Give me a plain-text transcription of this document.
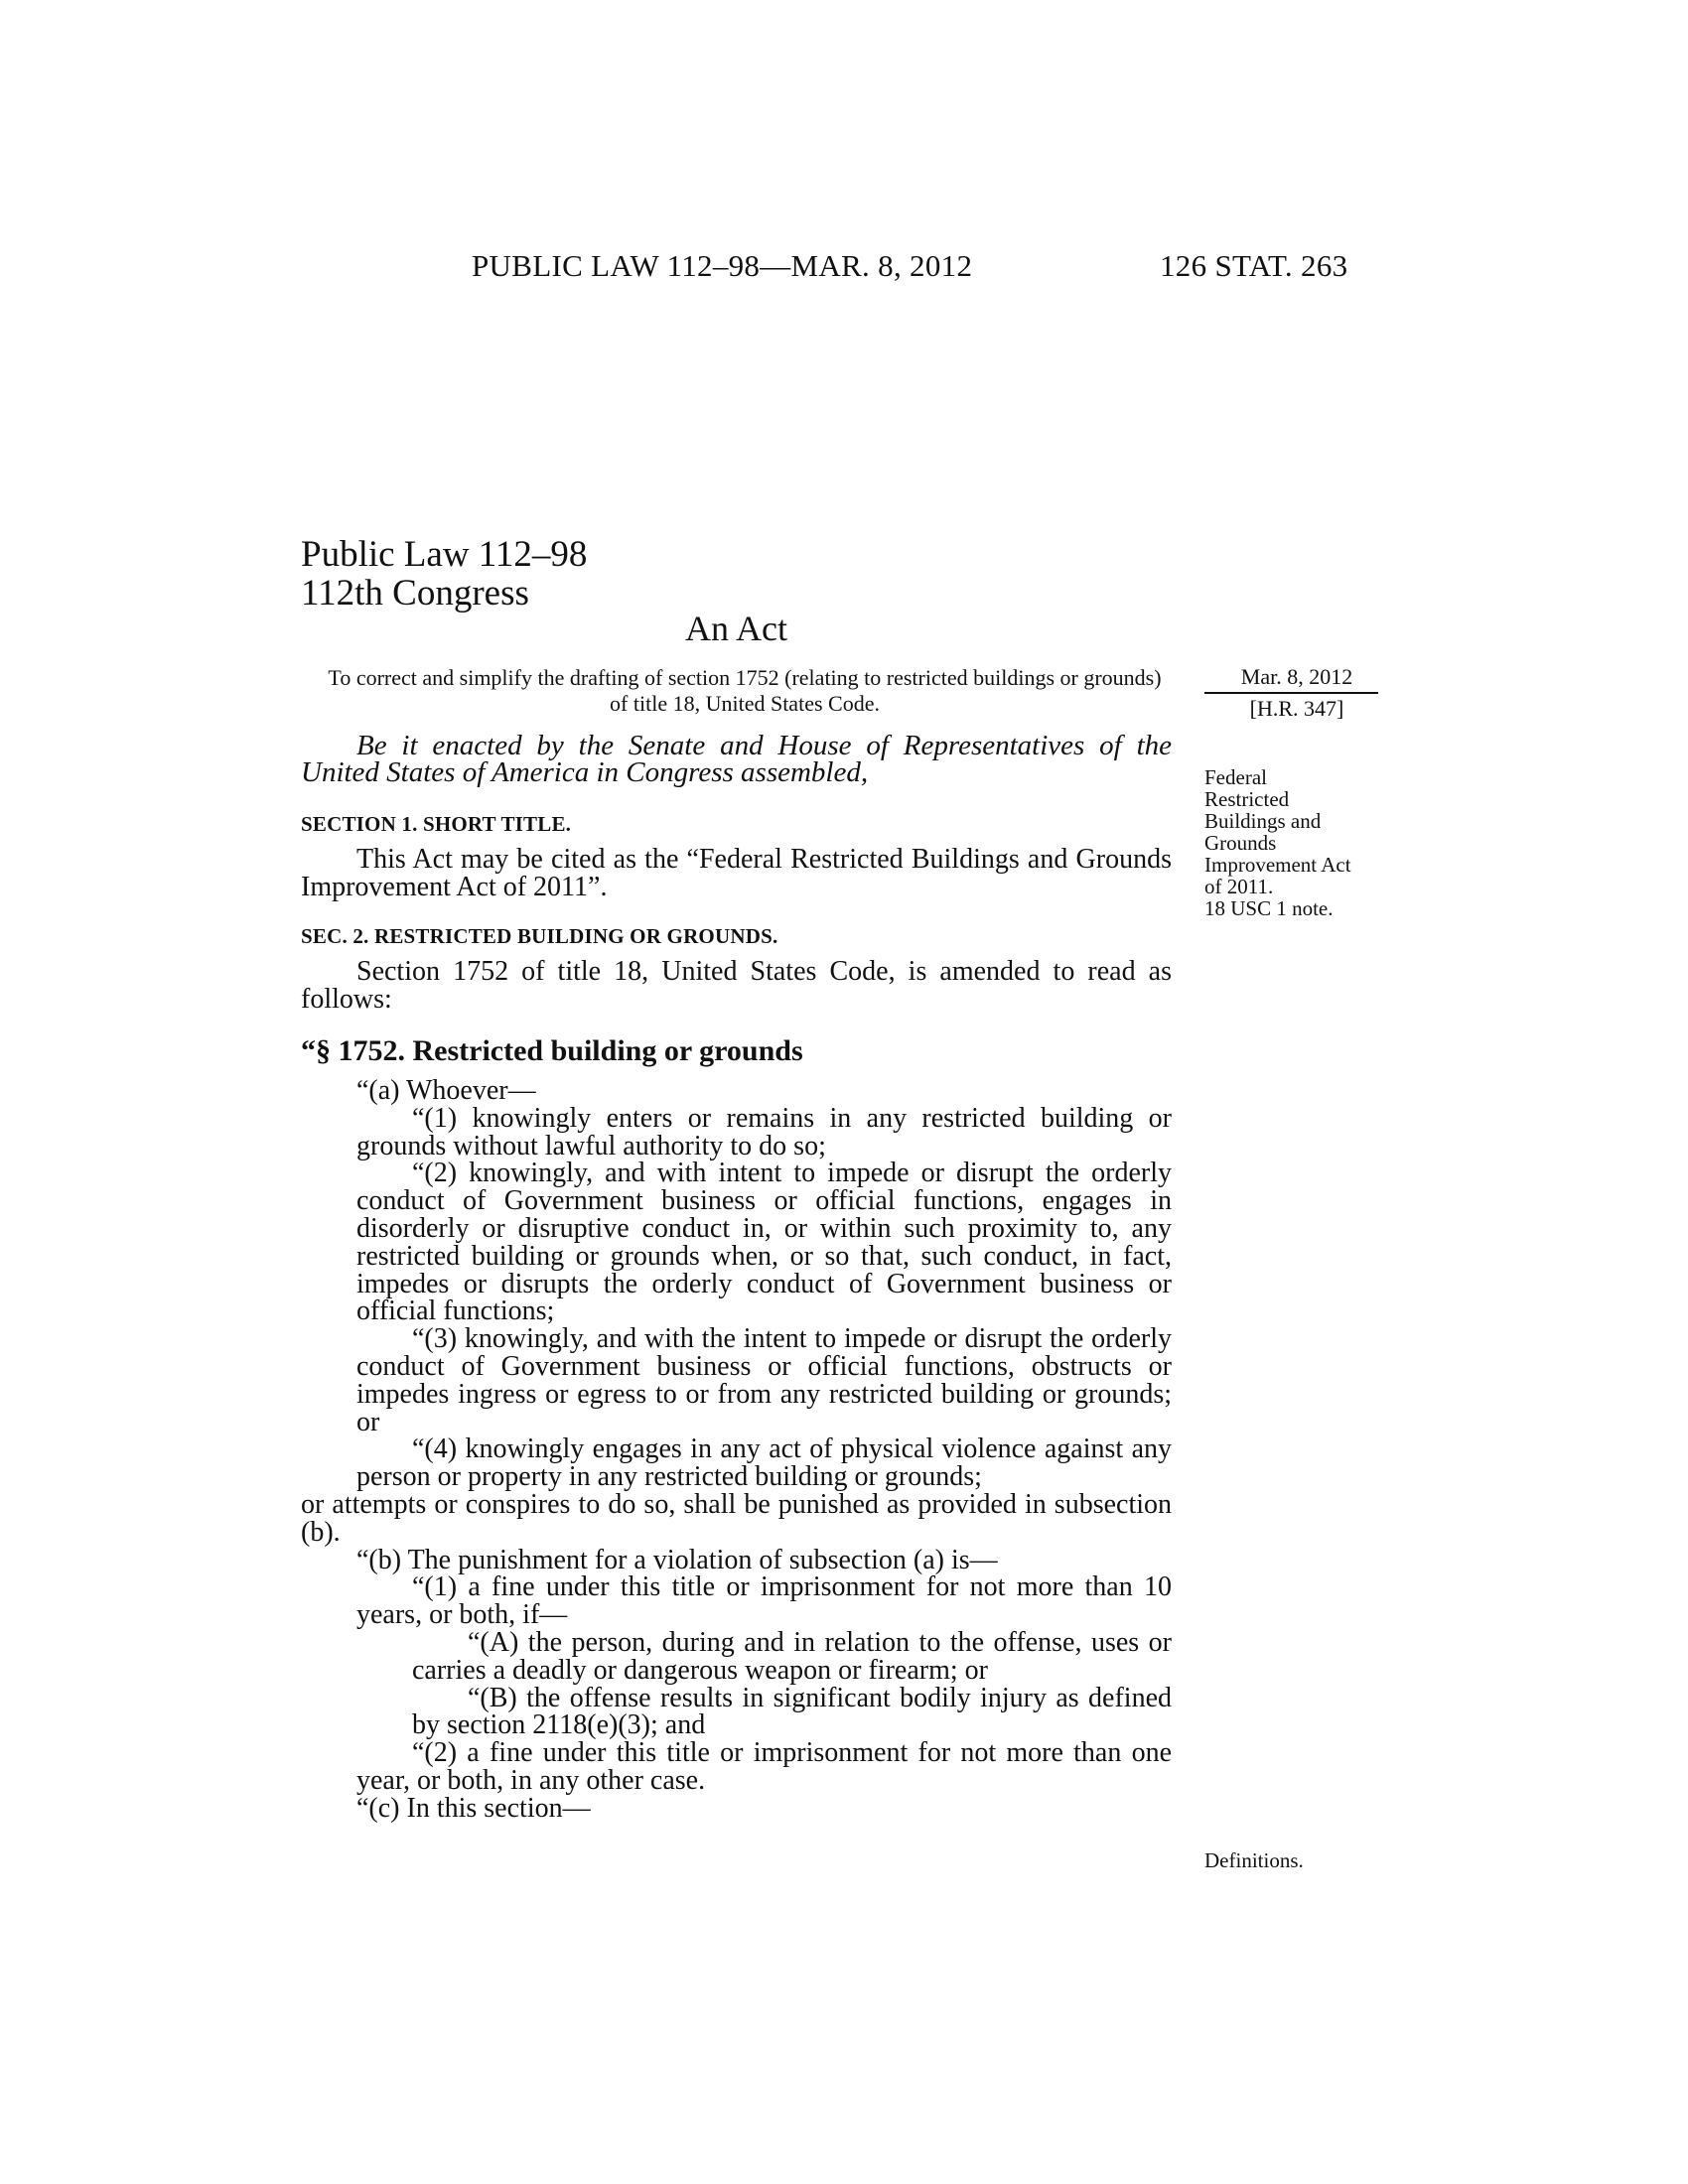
PUBLIC LAW 112–98—MAR. 8, 2012	126 STAT. 263
Public Law 112–98
112th Congress
An Act
To correct and simplify the drafting of section 1752 (relating to restricted buildings or grounds) of title 18, United States Code.
Mar. 8, 2012
[H.R. 347]
Federal
Restricted
Buildings and
Grounds
Improvement Act
of 2011.
18 USC 1 note.
Definitions.

Be it enacted by the Senate and House of Representatives of the United States of America in Congress assembled,

SECTION 1. SHORT TITLE.

This Act may be cited as the “Federal Restricted Buildings and Grounds Improvement Act of 2011”.

SEC. 2. RESTRICTED BUILDING OR GROUNDS.

Section 1752 of title 18, United States Code, is amended to read as follows:

“§ 1752. Restricted building or grounds

“(a) Whoever—

“(1) knowingly enters or remains in any restricted building or grounds without lawful authority to do so;

“(2) knowingly, and with intent to impede or disrupt the orderly conduct of Government business or official functions, engages in disorderly or disruptive conduct in, or within such proximity to, any restricted building or grounds when, or so that, such conduct, in fact, impedes or disrupts the orderly conduct of Government business or official functions;

“(3) knowingly, and with the intent to impede or disrupt the orderly conduct of Government business or official functions, obstructs or impedes ingress or egress to or from any restricted building or grounds; or

“(4) knowingly engages in any act of physical violence against any person or property in any restricted building or grounds;

or attempts or conspires to do so, shall be punished as provided in subsection (b).

“(b) The punishment for a violation of subsection (a) is—

“(1) a fine under this title or imprisonment for not more than 10 years, or both, if—

“(A) the person, during and in relation to the offense, uses or carries a deadly or dangerous weapon or firearm; or

“(B) the offense results in significant bodily injury as defined by section 2118(e)(3); and

“(2) a fine under this title or imprisonment for not more than one year, or both, in any other case.

“(c) In this section—
